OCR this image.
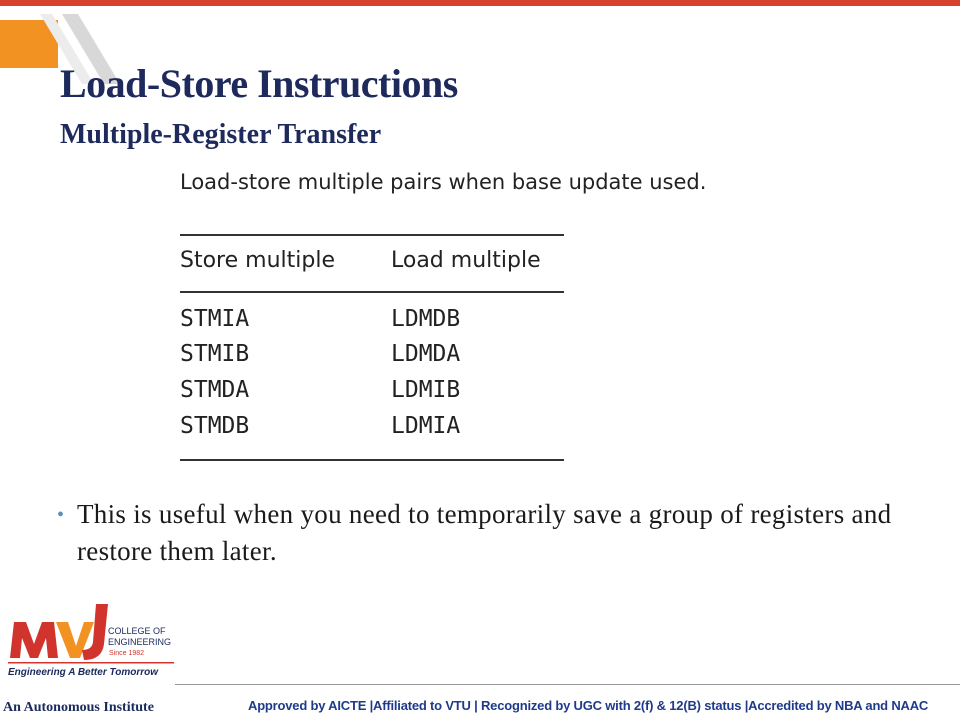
Load-Store Instructions
Multiple-Register Transfer
Load-store multiple pairs when base update used.
Store multiple	Load multiple
STMIA	LDMDB
STMIB	LDMDA
STMDA	LDMIB
STMDB	LDMIA
• This is useful when you need to temporarily save a group of registers and restore them later.
COLLEGE OF
ENGINEERING
Since 1982
Engineering A Better Tomorrow
An Autonomous Institute	Approved by AICTE |Affiliated to VTU | Recognized by UGC with 2(f) & 12(B) status |Accredited by NBA and NAAC
